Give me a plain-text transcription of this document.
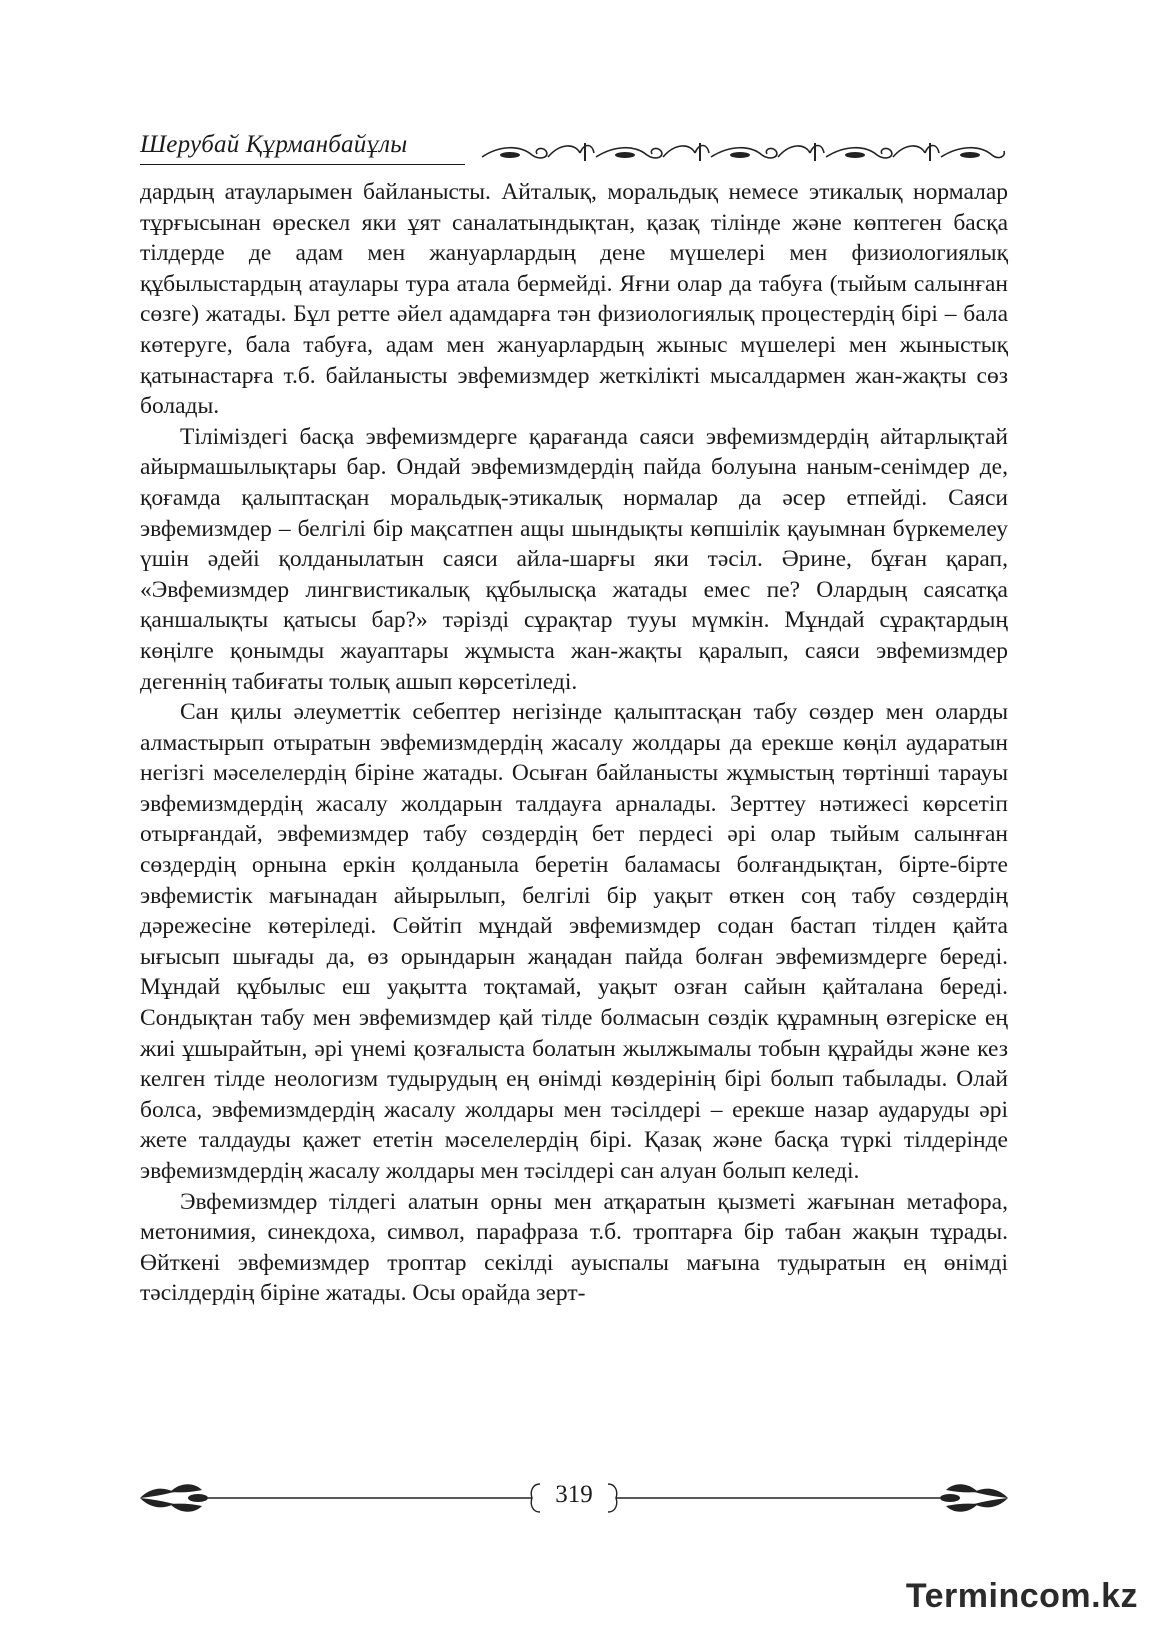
Шерубай Құрманбайұлы

дардың атауларымен байланысты. Айталық, моральдық немесе этикалық нормалар тұрғысынан өрескел яки ұят саналатындықтан, қазақ тілінде және көптеген басқа тілдерде де адам мен жануарлардың дене мүшелері мен физиологиялық құбылыстардың атаулары тура атала бермейді. Яғни олар да табуға (тыйым салынған сөзге) жатады. Бұл ретте әйел адамдарға тән физиологиялық процестердің бірі – бала көтеруге, бала табуға, адам мен жануарлардың жыныс мүшелері мен жыныстық қатынастарға т.б. байланысты эвфемизмдер жеткілікті мысалдармен жан-жақты сөз болады.

Тіліміздегі басқа эвфемизмдерге қарағанда саяси эвфемизмдердің айтарлықтай айырмашылықтары бар. Ондай эвфемизмдердің пайда болуына наным-сенімдер де, қоғамда қалыптасқан моральдық-этикалық нормалар да әсер етпейді. Саяси эвфемизмдер – белгілі бір мақсатпен ащы шындықты көпшілік қауымнан бүркемелеу үшін әдейі қолданылатын саяси айла-шарғы яки тәсіл. Әрине, бұған қарап, «Эвфемизмдер лингвистикалық құбылысқа жатады емес пе? Олардың саясатқа қаншалықты қатысы бар?» тәрізді сұрақтар тууы мүмкін. Мұндай сұрақтардың көңілге қонымды жауаптары жұмыста жан-жақты қаралып, саяси эвфемизмдер дегеннің табиғаты толық ашып көрсетіледі.

Сан қилы әлеуметтік себептер негізінде қалыптасқан табу сөздер мен оларды алмастырып отыратын эвфемизмдердің жасалу жолдары да ерекше көңіл аударатын негізгі мәселелердің біріне жатады. Осыған байланысты жұмыстың төртінші тарауы эвфемизмдердің жасалу жолдарын талдауға арналады. Зерттеу нәтижесі көрсетіп отырғандай, эвфемизмдер табу сөздердің бет пердесі әрі олар тыйым салынған сөздердің орнына еркін қолданыла беретін баламасы болғандықтан, бірте-бірте эвфемистік мағынадан айырылып, белгілі бір уақыт өткен соң табу сөздердің дәрежесіне көтеріледі. Сөйтіп мұндай эвфемизмдер содан бастап тілден қайта ығысып шығады да, өз орындарын жаңадан пайда болған эвфемизмдерге береді. Мұндай құбылыс еш уақытта тоқтамай, уақыт озған сайын қайталана береді. Сондықтан табу мен эвфемизмдер қай тілде болмасын сөздік құрамның өзгеріске ең жиі ұшырайтын, әрі үнемі қозғалыста болатын жылжымалы тобын құрайды және кез келген тілде неологизм тудырудың ең өнімді көздерінің бірі болып табылады. Олай болса, эвфемизмдердің жасалу жолдары мен тәсілдері – ерекше назар аударуды әрі жете талдауды қажет ететін мәселелердің бірі. Қазақ және басқа түркі тілдерінде эвфемизмдердің жасалу жолдары мен тәсілдері сан алуан болып келеді.

Эвфемизмдер тілдегі алатын орны мен атқаратын қызметі жағынан метафора, метонимия, синекдоха, символ, парафраза т.б. троптарға бір табан жақын тұрады. Өйткені эвфемизмдер троптар секілді ауыспалы мағына тудыратын ең өнімді тәсілдердің біріне жатады. Осы орайда зерт-

319
Termincom.kz
